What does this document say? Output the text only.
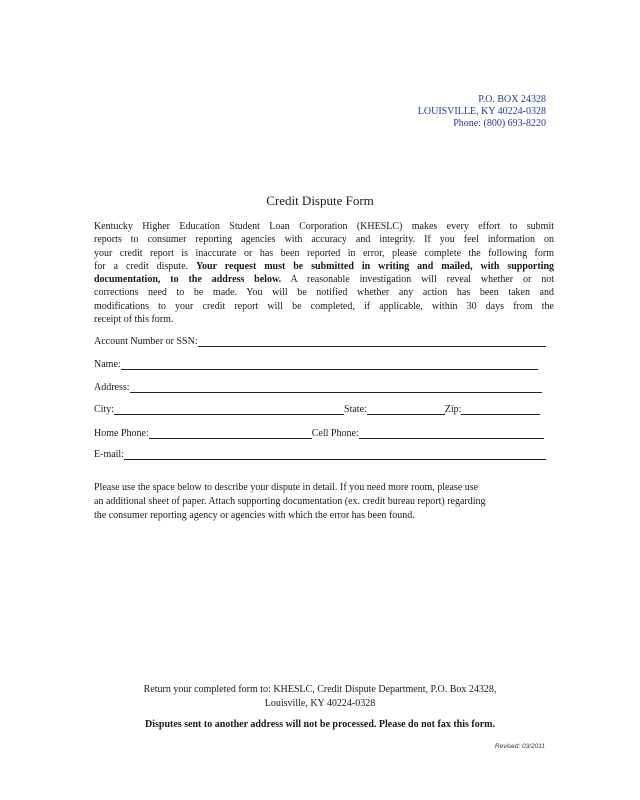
P.O. BOX 24328
LOUISVILLE, KY 40224-0328
Phone: (800) 693-8220
Credit Dispute Form
Kentucky Higher Education Student Loan Corporation (KHESLC) makes every effort to submit
reports to consumer reporting agencies with accuracy and integrity. If you feel information on
your credit report is inaccurate or has been reported in error, please complete the following form
for a credit dispute. Your request must be submitted in writing and mailed, with supporting
documentation, to the address below. A reasonable investigation will reveal whether or not
corrections need to be made. You will be notified whether any action has been taken and
modifications to your credit report will be completed, if applicable, within 30 days from the
receipt of this form.
Account Number or SSN:
Name:
Address:
City:	State:	Zip:
Home Phone:	Cell Phone:
E-mail:
Please use the space below to describe your dispute in detail. If you need more room, please use
an additional sheet of paper. Attach supporting documentation (ex. credit bureau report) regarding
the consumer reporting agency or agencies with which the error has been found.
Return your completed form to: KHESLC, Credit Dispute Department, P.O. Box 24328,
Louisville, KY 40224-0328
Disputes sent to another address will not be processed. Please do not fax this form.
Revised: 03/2011
